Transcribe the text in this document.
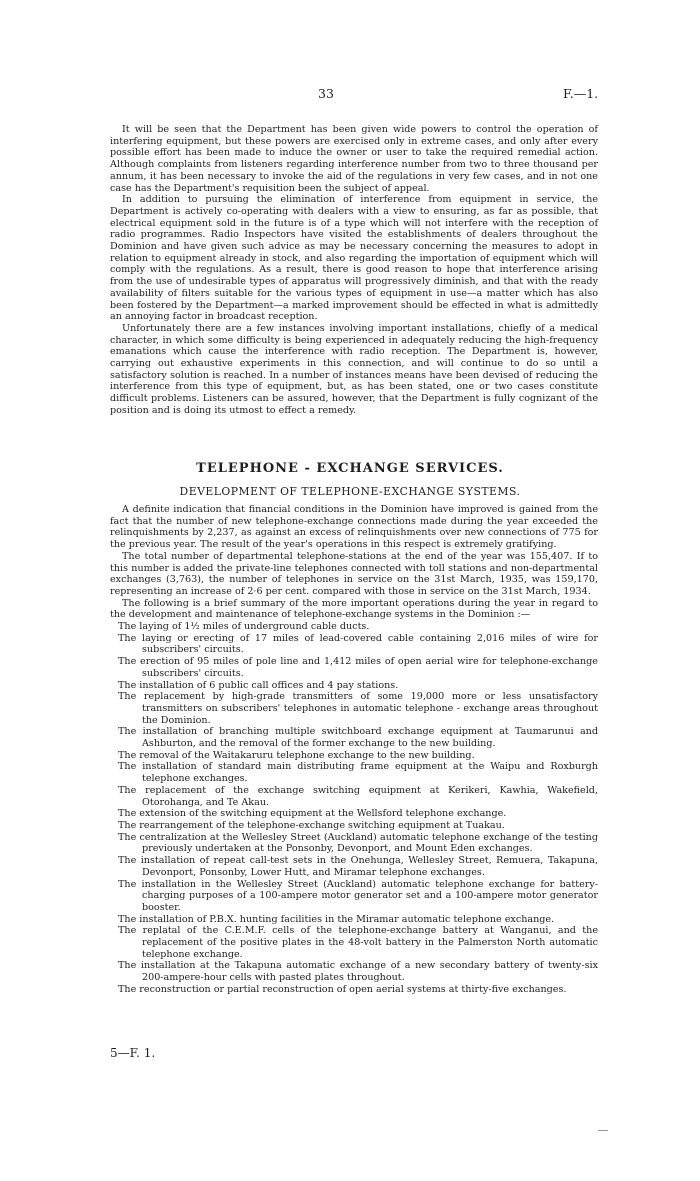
33	F.—1.

It will be seen that the Department has been given wide powers to control the operation of interfering equipment, but these powers are exercised only in extreme cases, and only after every possible effort has been made to induce the owner or user to take the required remedial action. Although complaints from listeners regarding interference number from two to three thousand per annum, it has been necessary to invoke the aid of the regulations in very few cases, and in not one case has the Department's requisition been the subject of appeal.

In addition to pursuing the elimination of interference from equipment in service, the Department is actively co-operating with dealers with a view to ensuring, as far as possible, that electrical equipment sold in the future is of a type which will not interfere with the reception of radio programmes. Radio Inspectors have visited the establishments of dealers throughout the Dominion and have given such advice as may be necessary concerning the measures to adopt in relation to equipment already in stock, and also regarding the importation of equipment which will comply with the regulations. As a result, there is good reason to hope that interference arising from the use of undesirable types of apparatus will progressively diminish, and that with the ready availability of filters suitable for the various types of equipment in use—a matter which has also been fostered by the Department—a marked improvement should be effected in what is admittedly an annoying factor in broadcast reception.

Unfortunately there are a few instances involving important installations, chiefly of a medical character, in which some difficulty is being experienced in adequately reducing the high-frequency emanations which cause the interference with radio reception. The Department is, however, carrying out exhaustive experiments in this connection, and will continue to do so until a satisfactory solution is reached. In a number of instances means have been devised of reducing the interference from this type of equipment, but, as has been stated, one or two cases constitute difficult problems. Listeners can be assured, however, that the Department is fully cognizant of the position and is doing its utmost to effect a remedy.

TELEPHONE - EXCHANGE SERVICES.
DEVELOPMENT OF TELEPHONE-EXCHANGE SYSTEMS.

A definite indication that financial conditions in the Dominion have improved is gained from the fact that the number of new telephone-exchange connections made during the year exceeded the relinquishments by 2,237, as against an excess of relinquishments over new connections of 775 for the previous year. The result of the year's operations in this respect is extremely gratifying.

The total number of departmental telephone-stations at the end of the year was 155,407. If to this number is added the private-line telephones connected with toll stations and non-departmental exchanges (3,763), the number of telephones in service on the 31st March, 1935, was 159,170, representing an increase of 2·6 per cent. compared with those in service on the 31st March, 1934.

The following is a brief summary of the more important operations during the year in regard to the development and maintenance of telephone-exchange systems in the Dominion :—

The laying of 1½ miles of underground cable ducts.
The laying or erecting of 17 miles of lead-covered cable containing 2,016 miles of wire for subscribers' circuits.
The erection of 95 miles of pole line and 1,412 miles of open aerial wire for telephone-exchange subscribers' circuits.
The installation of 6 public call offices and 4 pay stations.
The replacement by high-grade transmitters of some 19,000 more or less unsatisfactory transmitters on subscribers' telephones in automatic telephone - exchange areas throughout the Dominion.
The installation of branching multiple switchboard exchange equipment at Taumarunui and Ashburton, and the removal of the former exchange to the new building.
The removal of the Waitakaruru telephone exchange to the new building.
The installation of standard main distributing frame equipment at the Waipu and Roxburgh telephone exchanges.
The replacement of the exchange switching equipment at Kerikeri, Kawhia, Wakefield, Otorohanga, and Te Akau.
The extension of the switching equipment at the Wellsford telephone exchange.
The rearrangement of the telephone-exchange switching equipment at Tuakau.
The centralization at the Wellesley Street (Auckland) automatic telephone exchange of the testing previously undertaken at the Ponsonby, Devonport, and Mount Eden exchanges.
The installation of repeat call-test sets in the Onehunga, Wellesley Street, Remuera, Takapuna, Devonport, Ponsonby, Lower Hutt, and Miramar telephone exchanges.
The installation in the Wellesley Street (Auckland) automatic telephone exchange for battery-charging purposes of a 100-ampere motor generator set and a 100-ampere motor generator booster.
The installation of P.B.X. hunting facilities in the Miramar automatic telephone exchange.
The replatal of the C.E.M.F. cells of the telephone-exchange battery at Wanganui, and the replacement of the positive plates in the 48-volt battery in the Palmerston North automatic telephone exchange.
The installation at the Takapuna automatic exchange of a new secondary battery of twenty-six 200-ampere-hour cells with pasted plates throughout.
The reconstruction or partial reconstruction of open aerial systems at thirty-five exchanges.
5—F. 1.
